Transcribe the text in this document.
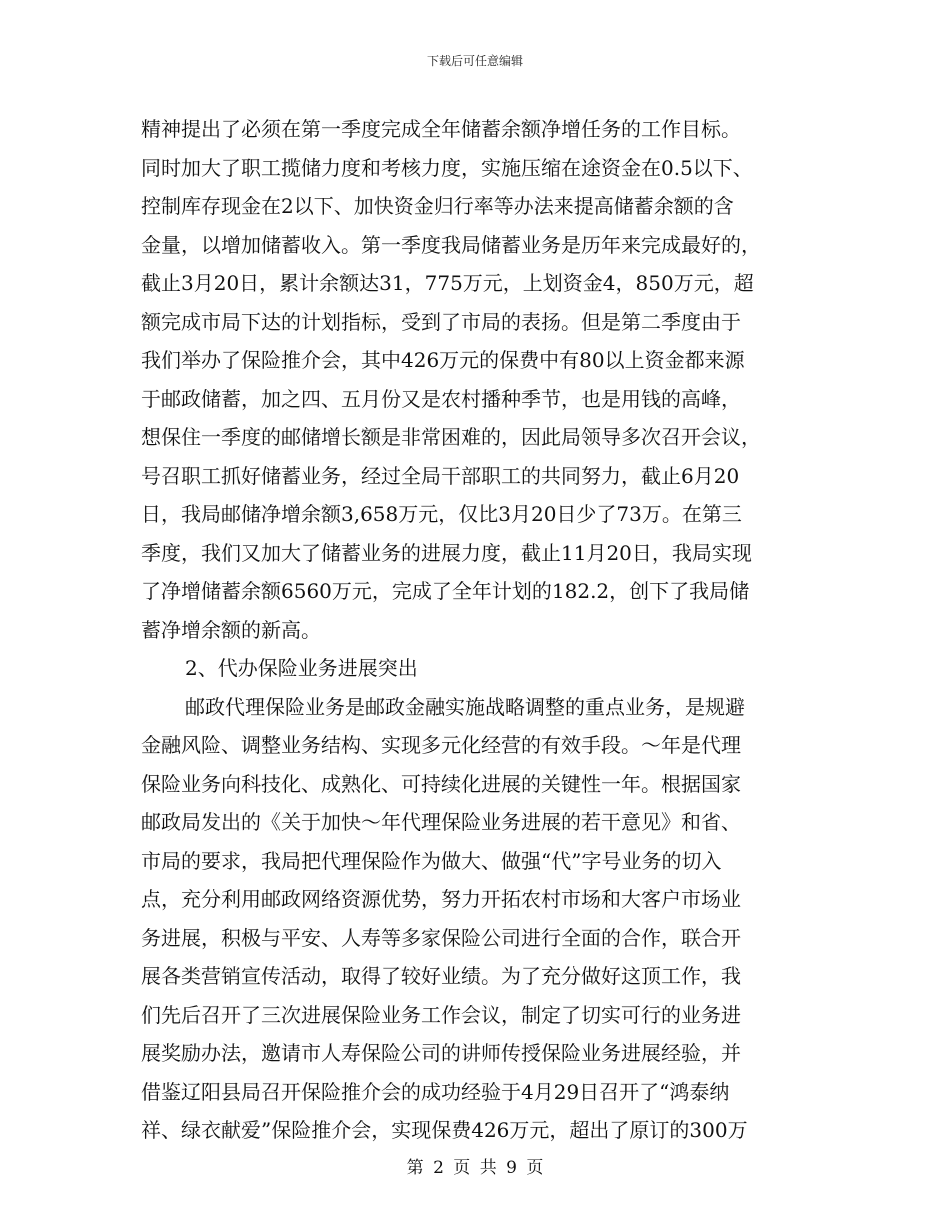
下载后可任意编辑
精神提出了必须在第一季度完成全年储蓄余额净增任务的工作目标。
同时加大了职工揽储力度和考核力度，实施压缩在途资金在0.5以下、
控制库存现金在2以下、加快资金归行率等办法来提高储蓄余额的含
金量，以增加储蓄收入。第一季度我局储蓄业务是历年来完成最好的，
截止3月20日，累计余额达31，775万元，上划资金4，850万元，超
额完成市局下达的计划指标，受到了市局的表扬。但是第二季度由于
我们举办了保险推介会，其中426万元的保费中有80以上资金都来源
于邮政储蓄，加之四、五月份又是农村播种季节，也是用钱的高峰，
想保住一季度的邮储增长额是非常困难的，因此局领导多次召开会议，
号召职工抓好储蓄业务，经过全局干部职工的共同努力，截止6月20
日，我局邮储净增余额3,658万元，仅比3月20日少了73万。在第三
季度，我们又加大了储蓄业务的进展力度，截止11月20日，我局实现
了净增储蓄余额6560万元，完成了全年计划的182.2，创下了我局储
蓄净增余额的新高。
2、代办保险业务进展突出
邮政代理保险业务是邮政金融实施战略调整的重点业务，是规避
金融风险、调整业务结构、实现多元化经营的有效手段。～年是代理
保险业务向科技化、成熟化、可持续化进展的关键性一年。根据国家
邮政局发出的《关于加快～年代理保险业务进展的若干意见》和省、
市局的要求，我局把代理保险作为做大、做强“代”字号业务的切入
点，充分利用邮政网络资源优势，努力开拓农村市场和大客户市场业
务进展，积极与平安、人寿等多家保险公司进行全面的合作，联合开
展各类营销宣传活动，取得了较好业绩。为了充分做好这顶工作，我
们先后召开了三次进展保险业务工作会议，制定了切实可行的业务进
展奖励办法，邀请市人寿保险公司的讲师传授保险业务进展经验，并
借鉴辽阳县局召开保险推介会的成功经验于4月29日召开了“鸿泰纳
祥、绿衣献爱”保险推介会，实现保费426万元，超出了原订的300万
第 2 页 共 9 页
